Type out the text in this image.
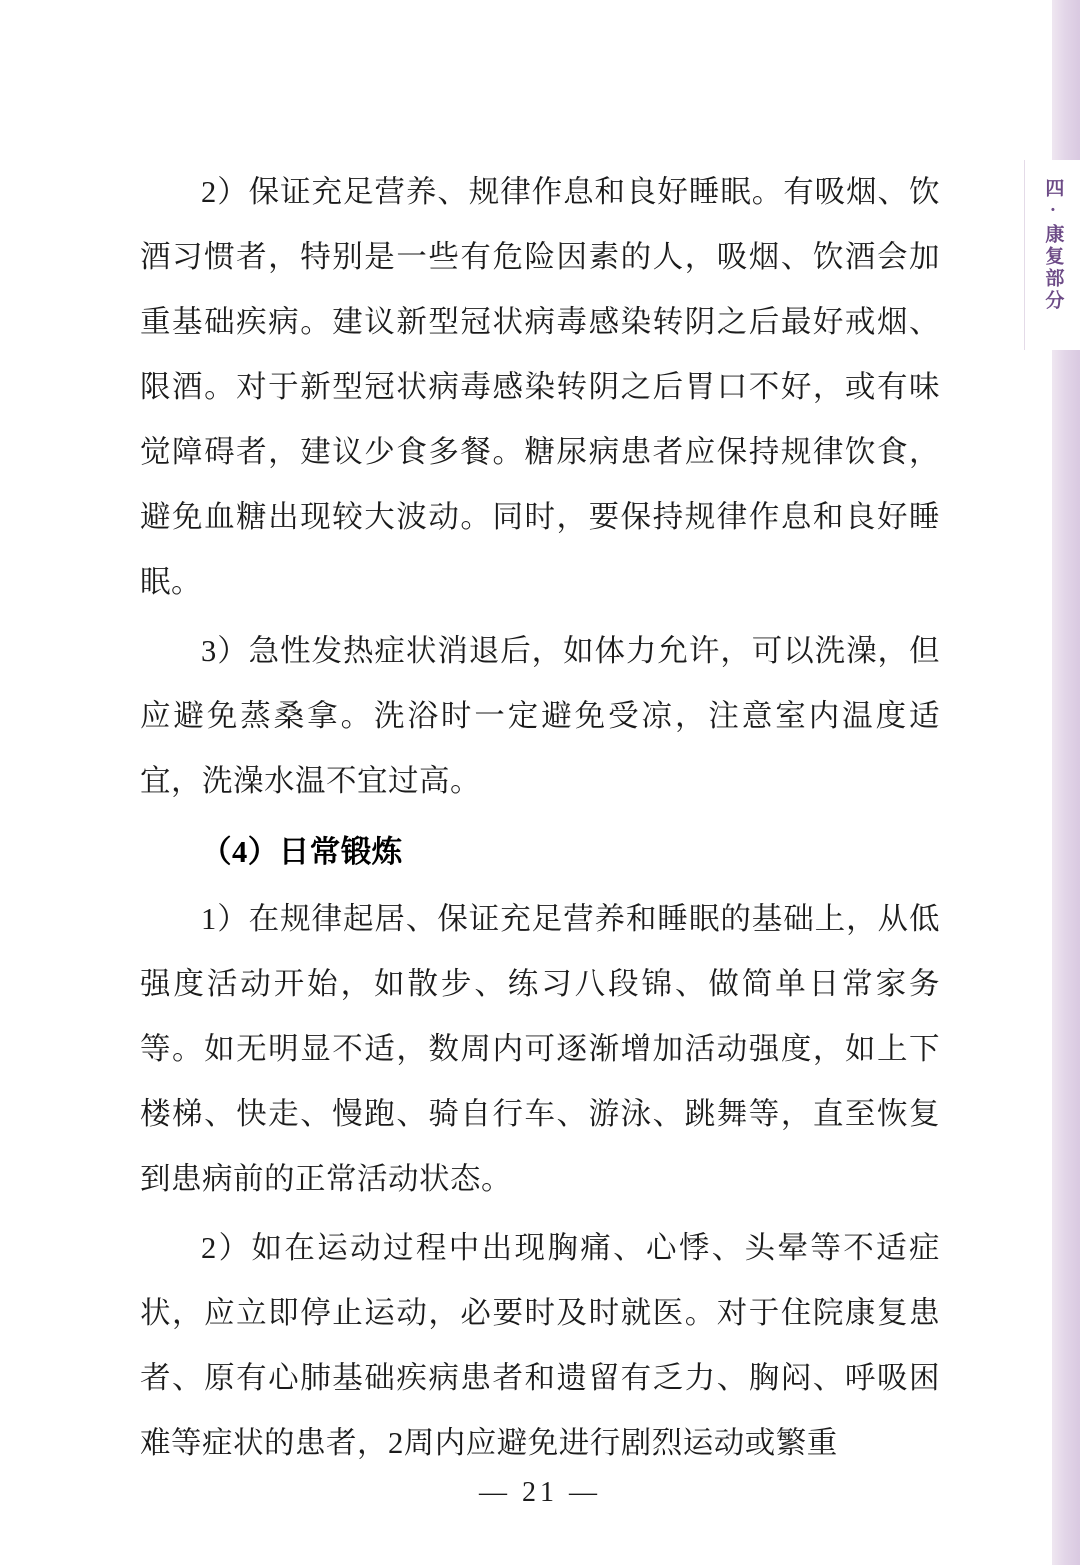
四·康复部分

2）保证充足营养、规律作息和良好睡眠。有吸烟、饮酒习惯者，特别是一些有危险因素的人，吸烟、饮酒会加重基础疾病。建议新型冠状病毒感染转阴之后最好戒烟、限酒。对于新型冠状病毒感染转阴之后胃口不好，或有味觉障碍者，建议少食多餐。糖尿病患者应保持规律饮食，避免血糖出现较大波动。同时，要保持规律作息和良好睡眠。

3）急性发热症状消退后，如体力允许，可以洗澡，但应避免蒸桑拿。洗浴时一定避免受凉，注意室内温度适宜，洗澡水温不宜过高。

（4）日常锻炼

1）在规律起居、保证充足营养和睡眠的基础上，从低强度活动开始，如散步、练习八段锦、做简单日常家务等。如无明显不适，数周内可逐渐增加活动强度，如上下楼梯、快走、慢跑、骑自行车、游泳、跳舞等，直至恢复到患病前的正常活动状态。

2）如在运动过程中出现胸痛、心悸、头晕等不适症状，应立即停止运动，必要时及时就医。对于住院康复患者、原有心肺基础疾病患者和遗留有乏力、胸闷、呼吸困难等症状的患者，2周内应避免进行剧烈运动或繁重

— 21 —
